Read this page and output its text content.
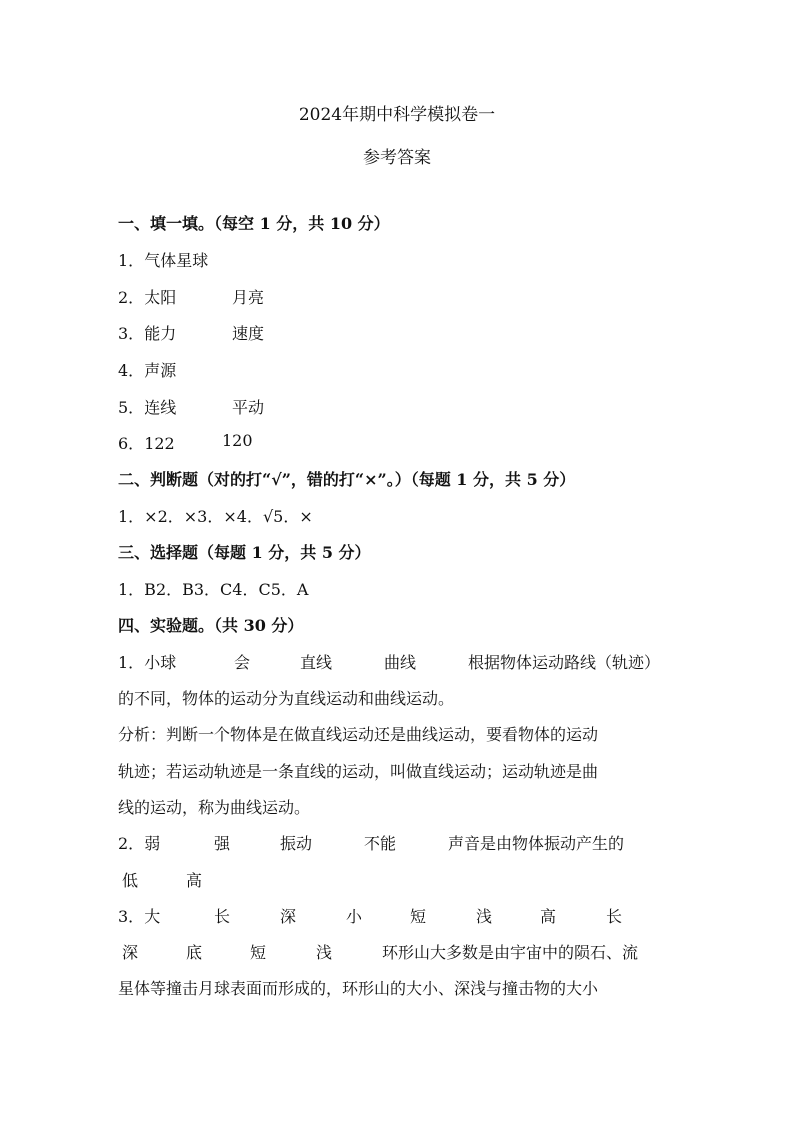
2024年期中科学模拟卷一
参考答案
一、填一填。（每空 1 分，共 10 分）
1．气体星球
2．太阳	月亮
3．能力	速度
4．声源
5．连线	平动
6．122	120
二、判断题（对的打“√”，错的打“×”。）（每题 1 分，共 5 分）
1．×2．×3．×4．√5．×
三、选择题（每题 1 分，共 5 分）
1．B2．B3．C4．C5．A
四、实验题。（共 30 分）
1．小球	会	直线	曲线	根据物体运动路线（轨迹）
的不同，物体的运动分为直线运动和曲线运动。
分析：判断一个物体是在做直线运动还是曲线运动，要看物体的运动
轨迹；若运动轨迹是一条直线的运动，叫做直线运动；运动轨迹是曲
线的运动，称为曲线运动。
2．弱	强	振动	不能	声音是由物体振动产生的
低	高
3．大	长	深	小	短	浅	高	长
深	底	短	浅	环形山大多数是由宇宙中的陨石、流
星体等撞击月球表面而形成的，环形山的大小、深浅与撞击物的大小
